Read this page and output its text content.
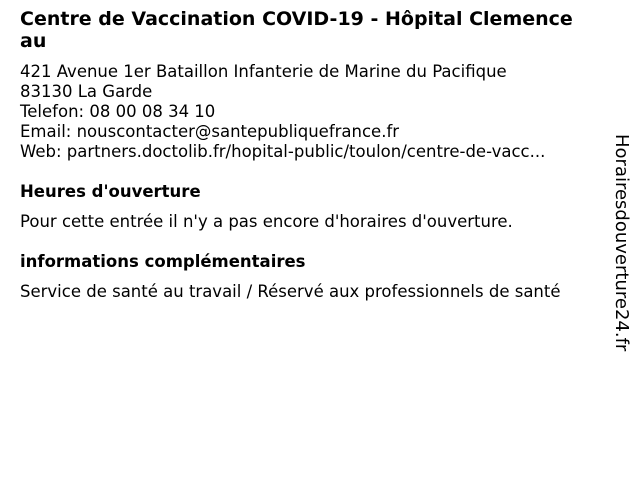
Centre de Vaccination COVID-19 - Hôpital Clemenceau
421 Avenue 1er Bataillon Infanterie de Marine du Pacifique
83130 La Garde
Telefon: 08 00 08 34 10
Email: nouscontacter@santepubliquefrance.fr
Web: partners.doctolib.fr/hopital-public/toulon/centre-de-vacc...
Heures d'ouverture

Pour cette entrée il n'y a pas encore d'horaires d'ouverture.

informations complémentaires

Service de santé au travail / Réservé aux professionnels de santé	Horairesdouverture24.fr
